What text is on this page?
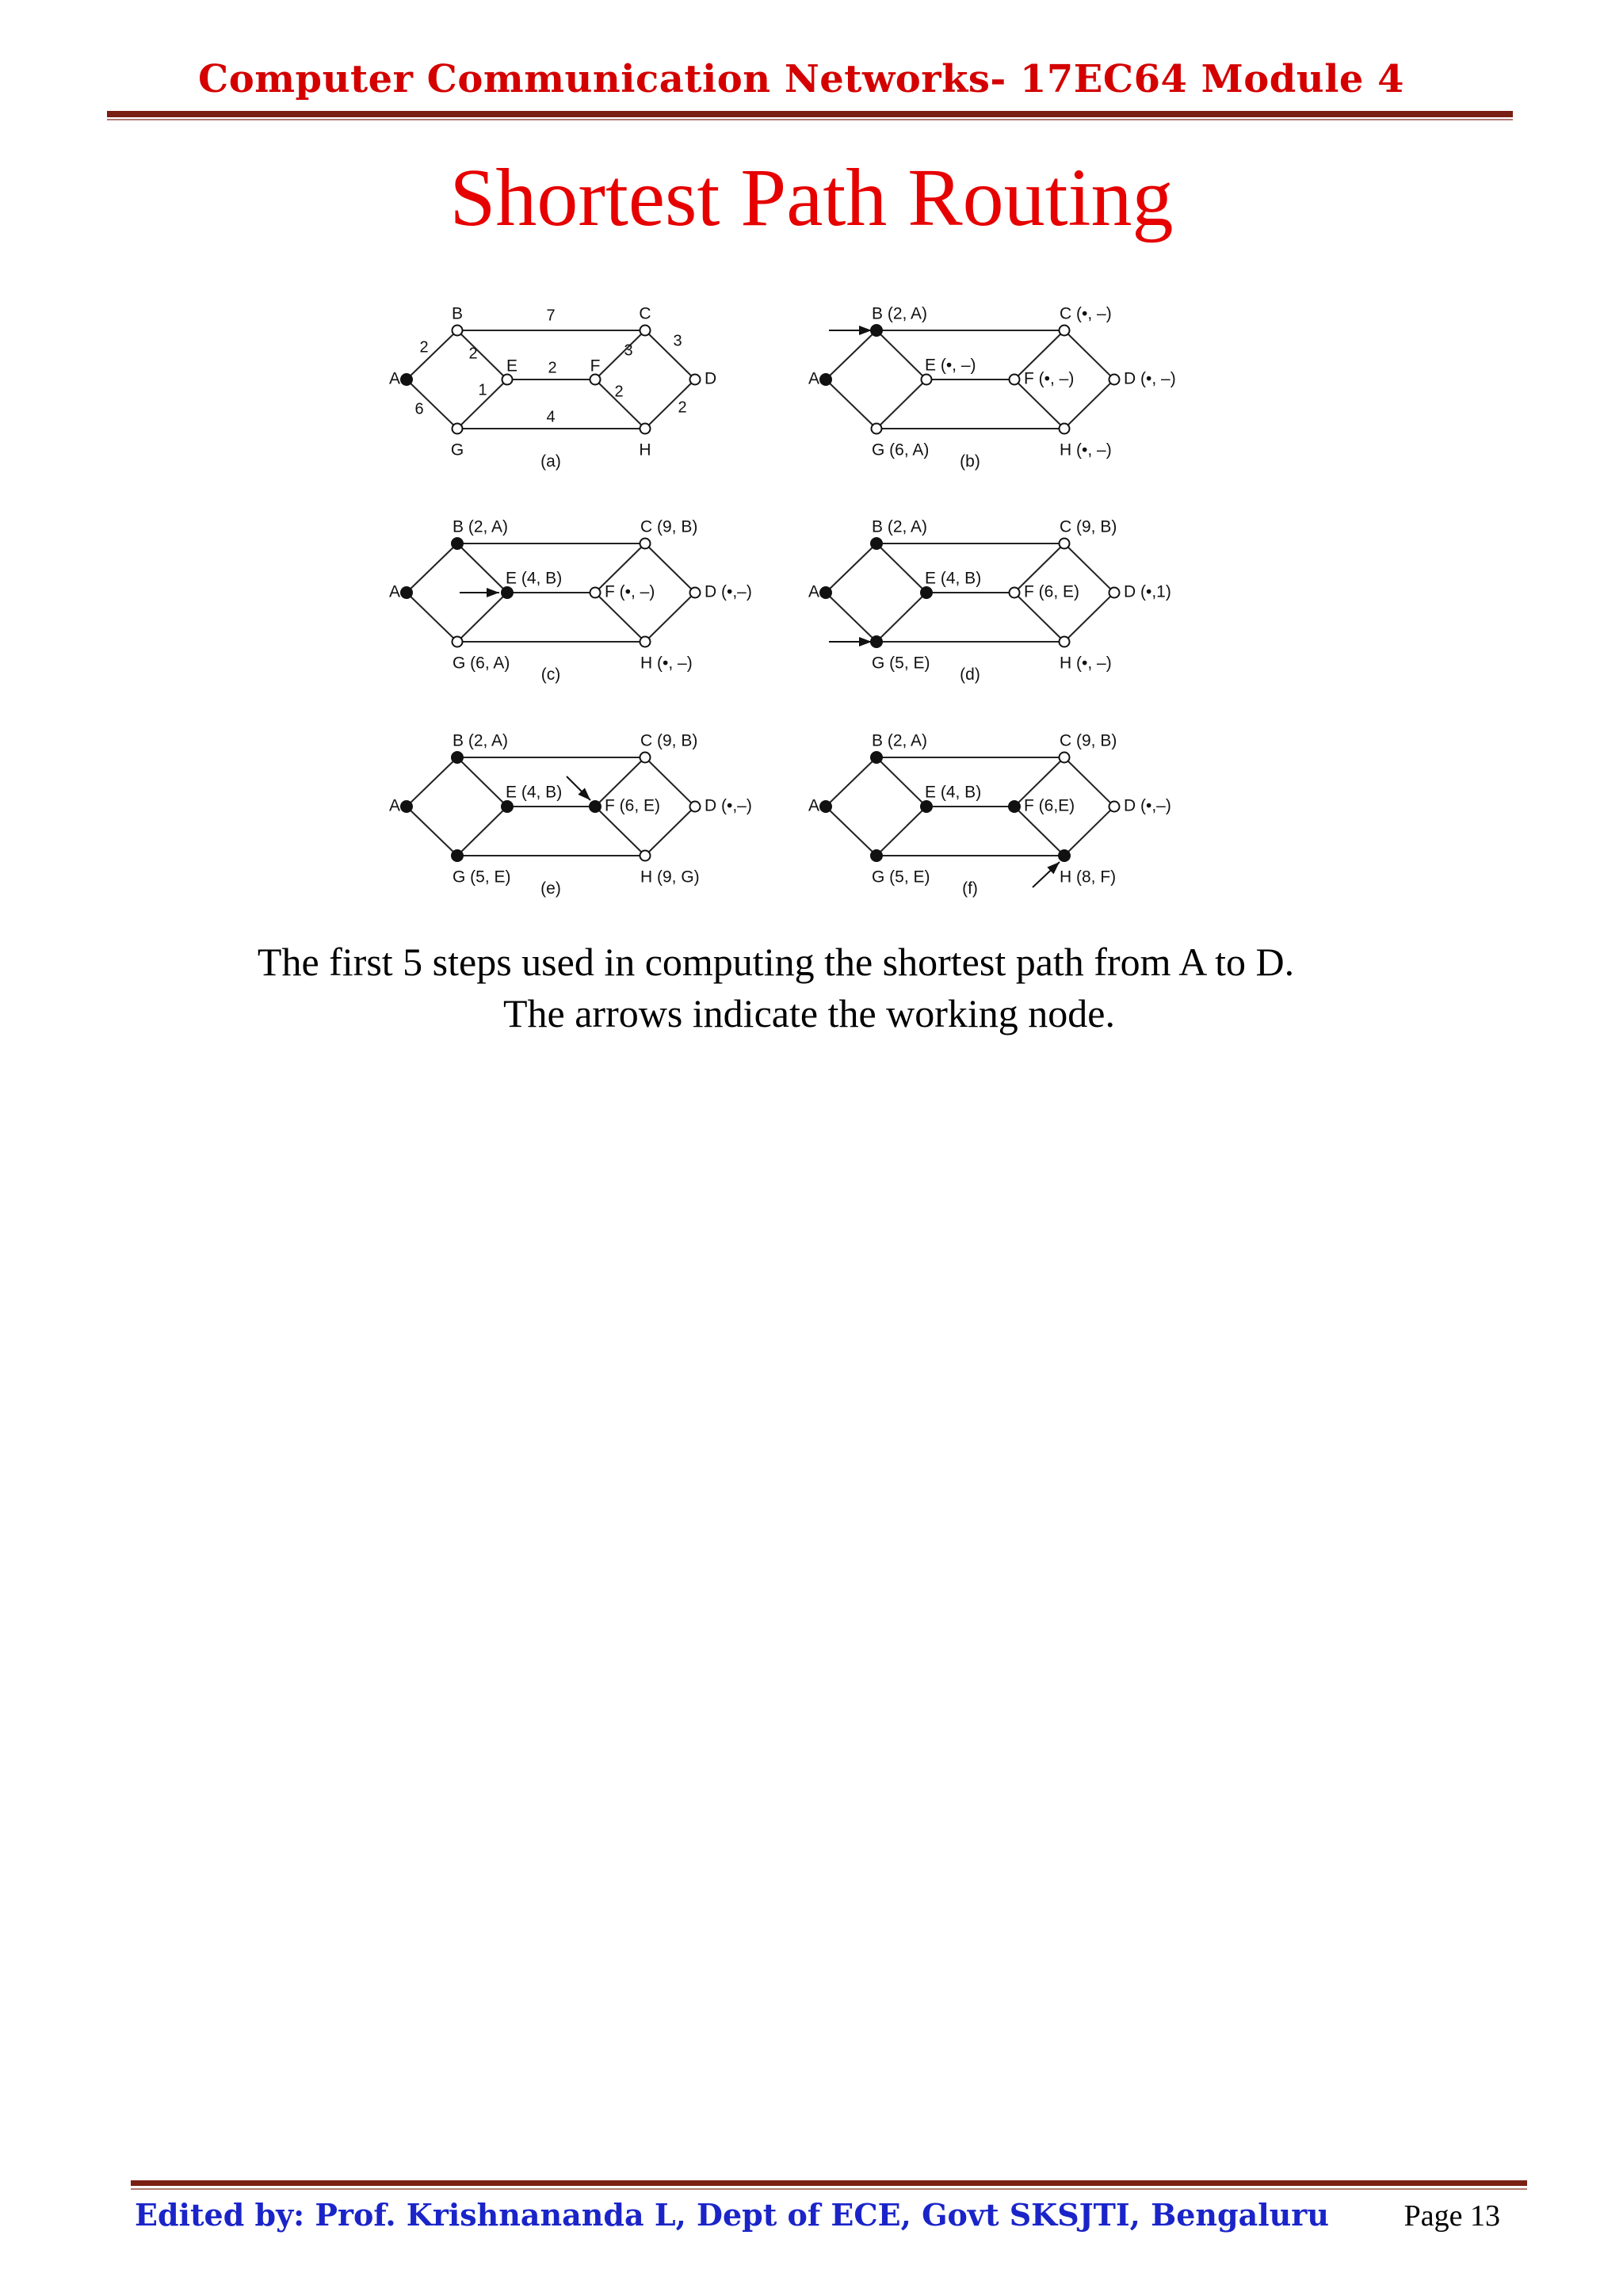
Computer Communication Networks- 17EC64 Module 4
Shortest Path Routing
2
6
7
2
1
4
2
3
2
3
2
A
B	C
D
E	F
G	H
(a)
A
B (2, A)	C (•, –)
D (•, –)
E (•, –)
F (•, –)
G (6, A)	H (•, –)
(b)
A
B (2, A)	C (9, B)
D (•,–)
E (4, B)
F (•, –)
G (6, A)	H (•, –)
(c)
A
B (2, A)	C (9, B)
D (•,1)
E (4, B)
F (6, E)
G (5, E)	H (•, –)
(d)
A
B (2, A)	C (9, B)
D (•,–)
E (4, B)
F (6, E)
G (5, E)	H (9, G)
(e)
A
B (2, A)	C (9, B)
D (•,–)
E (4, B)
F (6,E)
G (5, E)	H (8, F)
(f)
The first 5 steps used in computing the shortest path from A to D.
The arrows indicate the working node.
Edited by: Prof. Krishnananda L, Dept of ECE, Govt SKSJTI, Bengaluru Page 13
